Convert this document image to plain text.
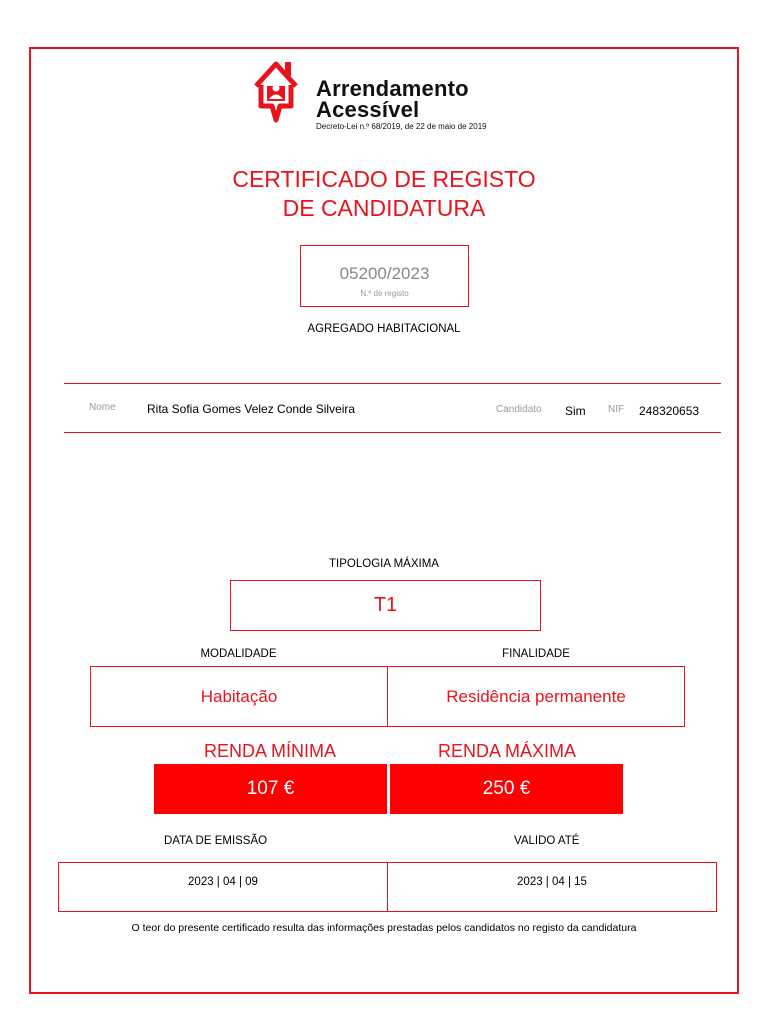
Arrendamento
Acessível
Decreto-Lei n.º 68/2019, de 22 de maio de 2019
CERTIFICADO DE REGISTO
DE CANDIDATURA
05200/2023
N.º de registo
AGREGADO HABITACIONAL
Nome	Rita Sofia Gomes Velez Conde Silveira	Candidato Sim NIF 248320653
TIPOLOGIA MÁXIMA
T1
MODALIDADE	FINALIDADE
Habitação	Residência permanente
RENDA MÍNIMA	RENDA MÁXIMA
107 €	250 €
DATA DE EMISSÃO	VALIDO ATÉ
2023 | 04 | 09	2023 | 04 | 15
O teor do presente certificado resulta das informações prestadas pelos candidatos no registo da candidatura
